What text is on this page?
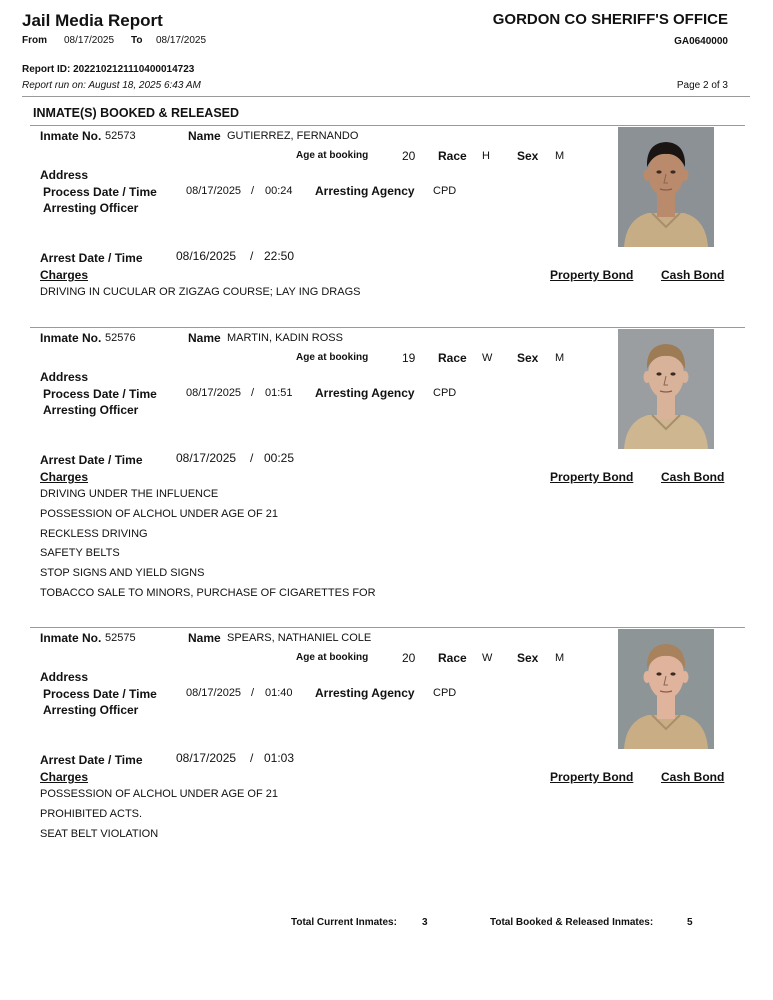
Jail Media Report	GORDON CO SHERIFF'S OFFICE
From 08/17/2025 To 08/17/2025	GA0640000
Report ID: 2022102121110400014723
Report run on: August 18, 2025 6:43 AM	Page 2 of 3
INMATE(S) BOOKED & RELEASED
Inmate No. 52573	Name GUTIERREZ, FERNANDO
Age at booking	20 Race H Sex M
Address
Process Date / Time	08/17/2025 / 00:24 Arresting Agency CPD
Arresting Officer
Arrest Date / Time	08/16/2025 / 22:50
Charges	Property Bond Cash Bond
DRIVING IN CUCULAR OR ZIGZAG COURSE; LAY ING DRAGS
Inmate No. 52576	Name MARTIN, KADIN ROSS
Age at booking	19 Race W Sex M
Address
Process Date / Time	08/17/2025 / 01:51 Arresting Agency CPD
Arresting Officer
Arrest Date / Time	08/17/2025 / 00:25
Charges	Property Bond Cash Bond
DRIVING UNDER THE INFLUENCE
POSSESSION OF ALCHOL UNDER AGE OF 21
RECKLESS DRIVING
SAFETY BELTS
STOP SIGNS AND YIELD SIGNS
TOBACCO SALE TO MINORS, PURCHASE OF CIGARETTES FOR
Inmate No. 52575	Name SPEARS, NATHANIEL COLE
Age at booking	20 Race W Sex M
Address
Process Date / Time	08/17/2025 / 01:40 Arresting Agency CPD
Arresting Officer
Arrest Date / Time	08/17/2025 / 01:03
Charges	Property Bond Cash Bond
POSSESSION OF ALCHOL UNDER AGE OF 21
PROHIBITED ACTS.
SEAT BELT VIOLATION
Total Current Inmates:	3	Total Booked & Released Inmates:	5
